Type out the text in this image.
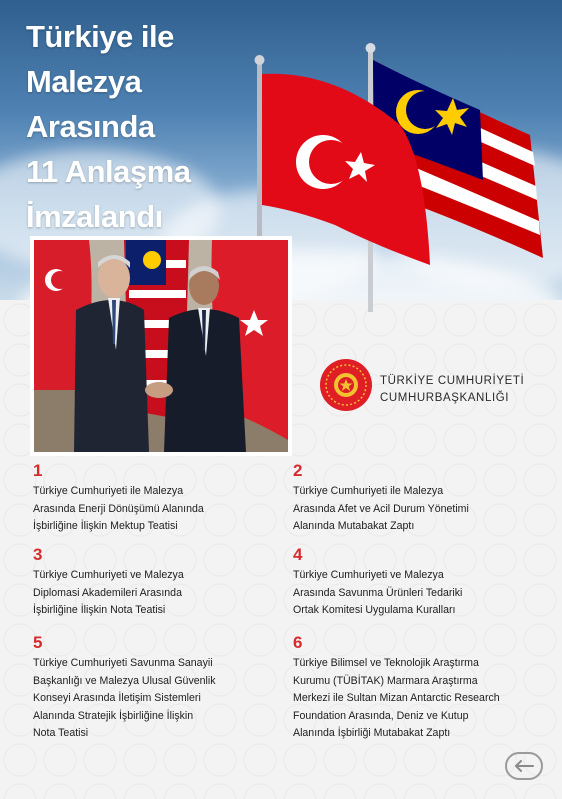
Türkiye ile
Malezya
Arasında
11 Anlaşma
İmzalandı
TÜRKİYE CUMHURİYETİ
CUMHURBAŞKANLIĞI
1
Türkiye Cumhuriyeti ile Malezya
Arasında Enerji Dönüşümü Alanında
İşbirliğine İlişkin Mektup Teatisi
2
Türkiye Cumhuriyeti ile Malezya
Arasında Afet ve Acil Durum Yönetimi
Alanında Mutabakat Zaptı
3
Türkiye Cumhuriyeti ve Malezya
Diplomasi Akademileri Arasında
İşbirliğine İlişkin Nota Teatisi
4
Türkiye Cumhuriyeti ve Malezya
Arasında Savunma Ürünleri Tedariki
Ortak Komitesi Uygulama Kuralları
5
Türkiye Cumhuriyeti Savunma Sanayii
Başkanlığı ve Malezya Ulusal Güvenlik
Konseyi Arasında İletişim Sistemleri
Alanında Stratejik İşbirliğine İlişkin
Nota Teatisi
6
Türkiye Bilimsel ve Teknolojik Araştırma
Kurumu (TÜBİTAK) Marmara Araştırma
Merkezi ile Sultan Mizan Antarctic Research
Foundation Arasında, Deniz ve Kutup
Alanında İşbirliği Mutabakat Zaptı
